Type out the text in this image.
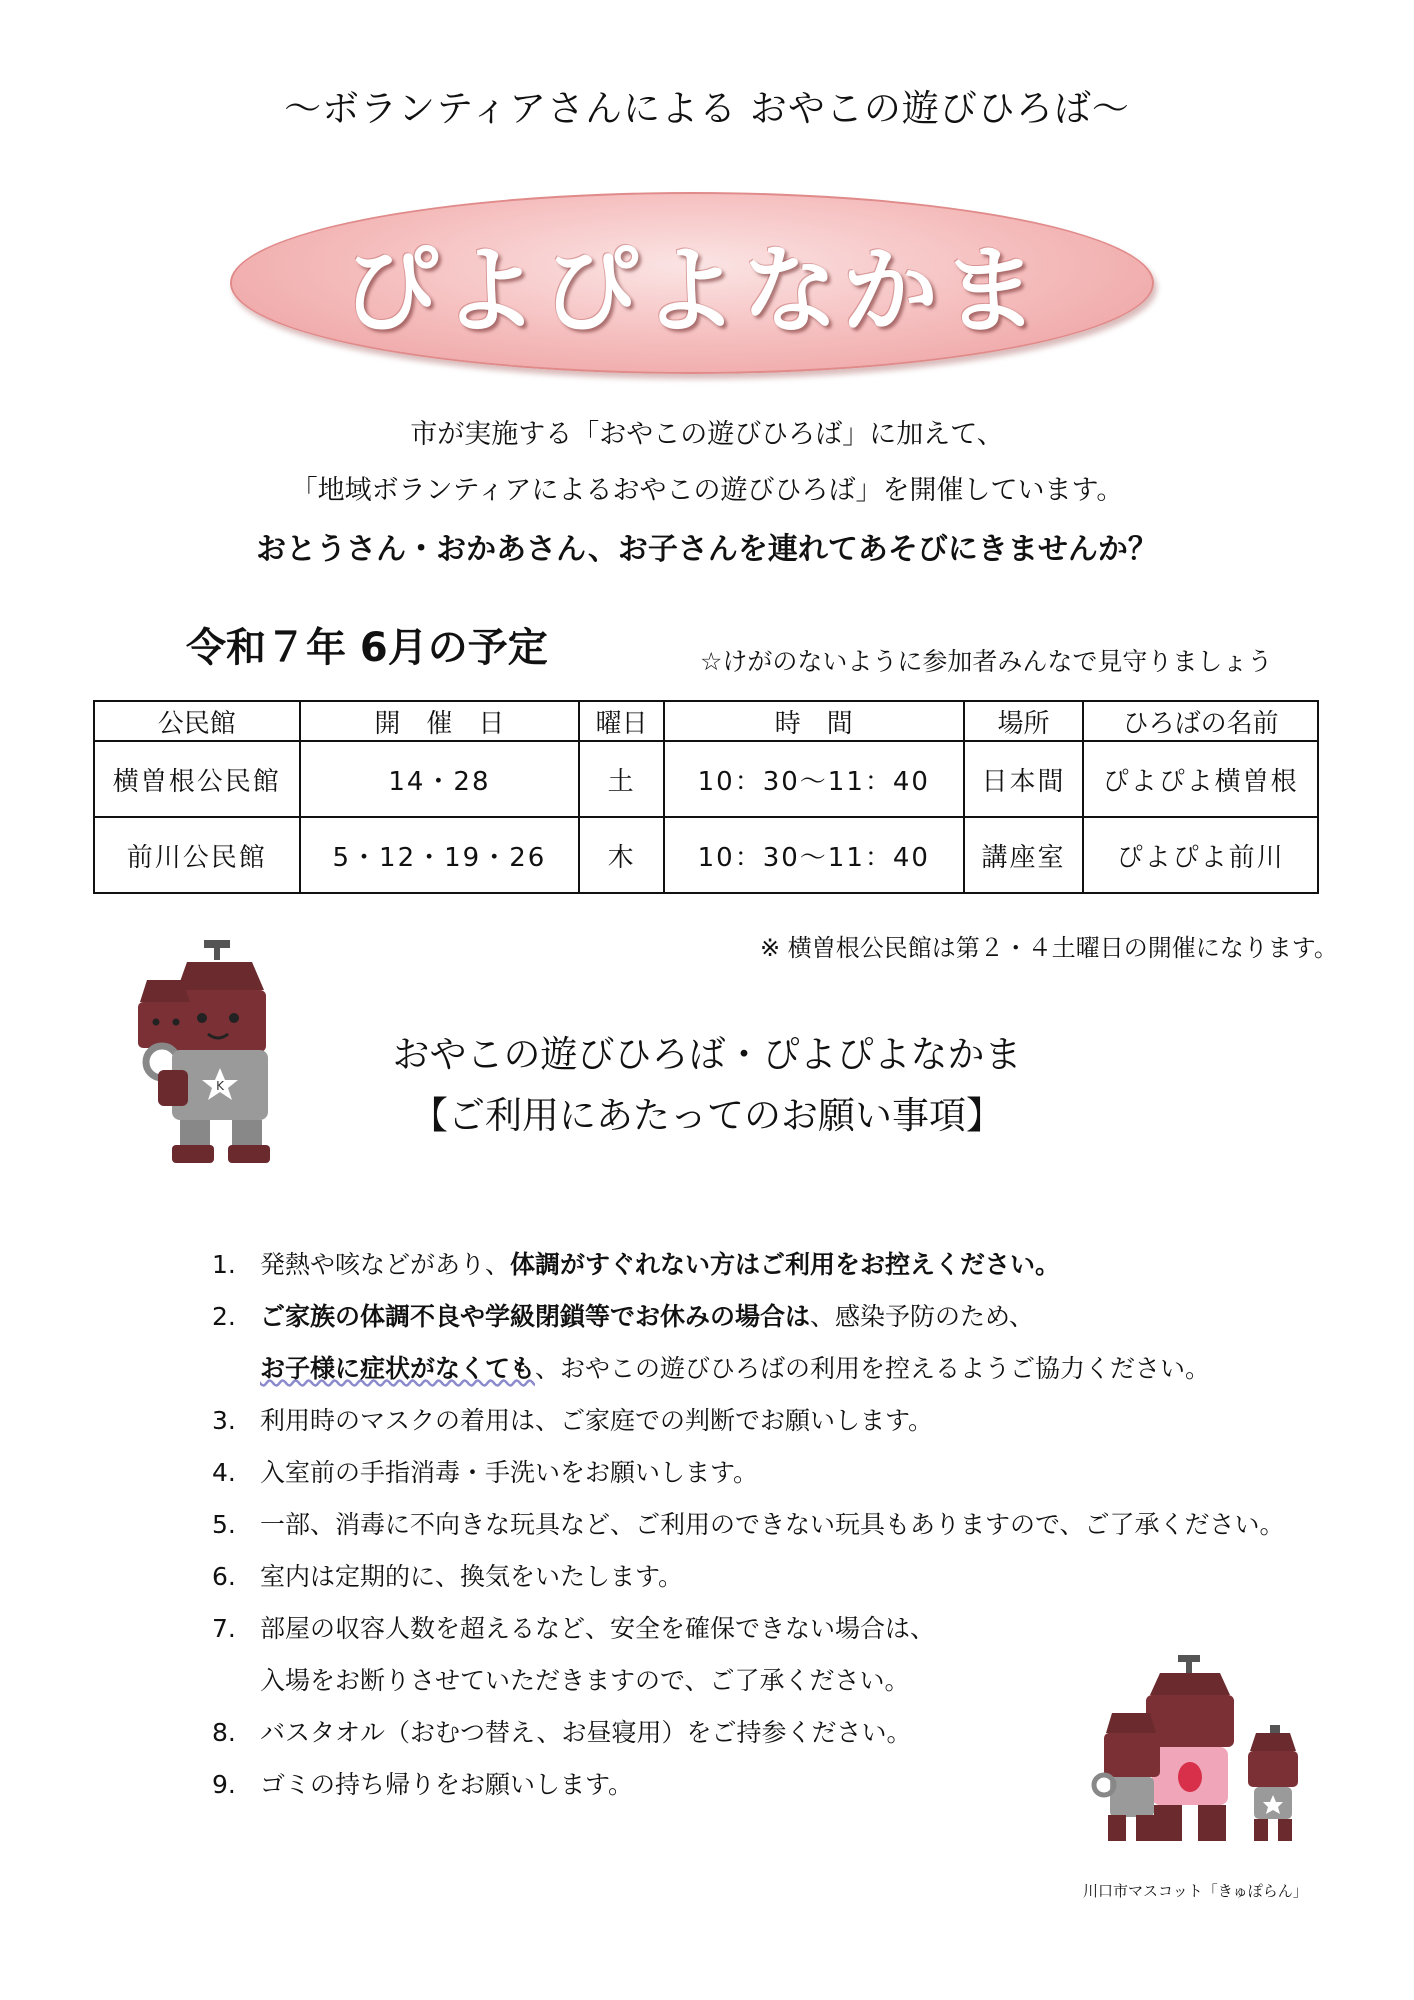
〜ボランティアさんによる おやこの遊びひろば〜
ぴよぴよなかま
市が実施する「おやこの遊びひろば」に加えて、
「地域ボランティアによるおやこの遊びひろば」を開催しています。
おとうさん・おかあさん、お子さんを連れてあそびにきませんか？
令和７年 6月の予定	☆けがのないように参加者みんなで見守りましょう
公民館	開　催　日	曜日	時　間	場所	ひろばの名前
横曽根公民館	14・28	土	10：30〜11：40	日本間	ぴよぴよ横曽根
前川公民館	5・12・19・26	木	10：30〜11：40	講座室	ぴよぴよ前川
※ 横曽根公民館は第２・４土曜日の開催になります。
K
おやこの遊びひろば・ぴよぴよなかま
【ご利用にあたってのお願い事項】
1. 発熱や咳などがあり、体調がすぐれない方はご利用をお控えください。
2. ご家族の体調不良や学級閉鎖等でお休みの場合は、感染予防のため、
お子様に症状がなくても、おやこの遊びひろばの利用を控えるようご協力ください。
3. 利用時のマスクの着用は、ご家庭での判断でお願いします。
4. 入室前の手指消毒・手洗いをお願いします。
5. 一部、消毒に不向きな玩具など、ご利用のできない玩具もありますので、ご了承ください。
6. 室内は定期的に、換気をいたします。
7. 部屋の収容人数を超えるなど、安全を確保できない場合は、
入場をお断りさせていただきますので、ご了承ください。
8. バスタオル（おむつ替え、お昼寝用）をご持参ください。
9. ゴミの持ち帰りをお願いします。
川口市マスコット「きゅぽらん」
